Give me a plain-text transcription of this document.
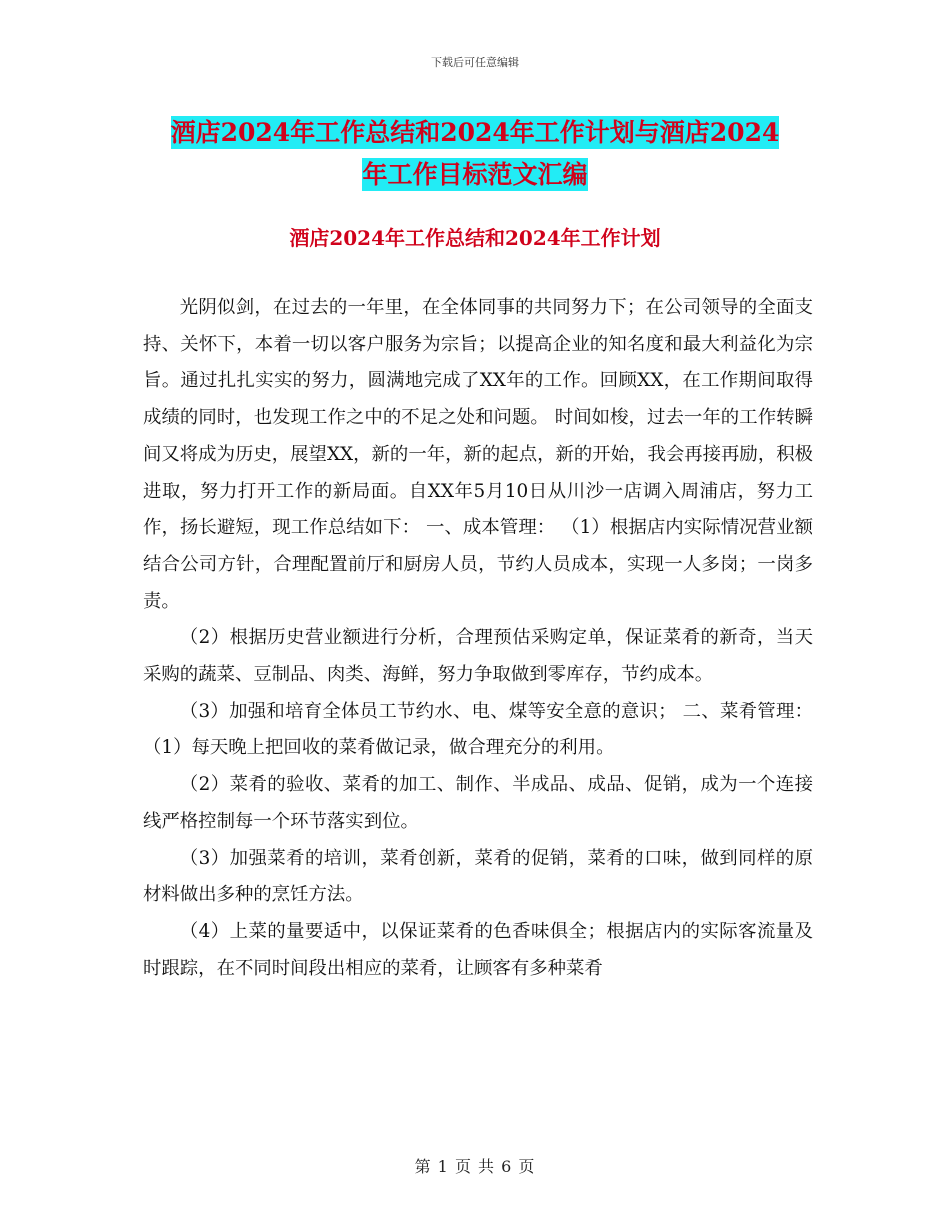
下载后可任意编辑
酒店2024年工作总结和2024年工作计划与酒店2024
年工作目标范文汇编
酒店2024年工作总结和2024年工作计划

光阴似剑，在过去的一年里，在全体同事的共同努力下；在公司领导的全面支持、关怀下，本着一切以客户服务为宗旨；以提高企业的知名度和最大利益化为宗旨。通过扎扎实实的努力，圆满地完成了XX年的工作。回顾XX，在工作期间取得成绩的同时，也发现工作之中的不足之处和问题。 时间如梭，过去一年的工作转瞬间又将成为历史，展望XX，新的一年，新的起点，新的开始，我会再接再励，积极进取，努力打开工作的新局面。自XX年5月10日从川沙一店调入周浦店，努力工作，扬长避短，现工作总结如下： 一、成本管理： （1）根据店内实际情况营业额结合公司方针，合理配置前厅和厨房人员，节约人员成本，实现一人多岗；一岗多责。

（2）根据历史营业额进行分析，合理预估采购定单，保证菜肴的新奇，当天采购的蔬菜、豆制品、肉类、海鲜，努力争取做到零库存，节约成本。

（3）加强和培育全体员工节约水、电、煤等安全意的意识； 二、菜肴管理： （1）每天晚上把回收的菜肴做记录，做合理充分的利用。

（2）菜肴的验收、菜肴的加工、制作、半成品、成品、促销，成为一个连接线严格控制每一个环节落实到位。

（3）加强菜肴的培训，菜肴创新，菜肴的促销，菜肴的口味，做到同样的原材料做出多种的烹饪方法。

（4）上菜的量要适中，以保证菜肴的色香味俱全；根据店内的实际客流量及时跟踪，在不同时间段出相应的菜肴，让顾客有多种菜肴

第 1 页 共 6 页
